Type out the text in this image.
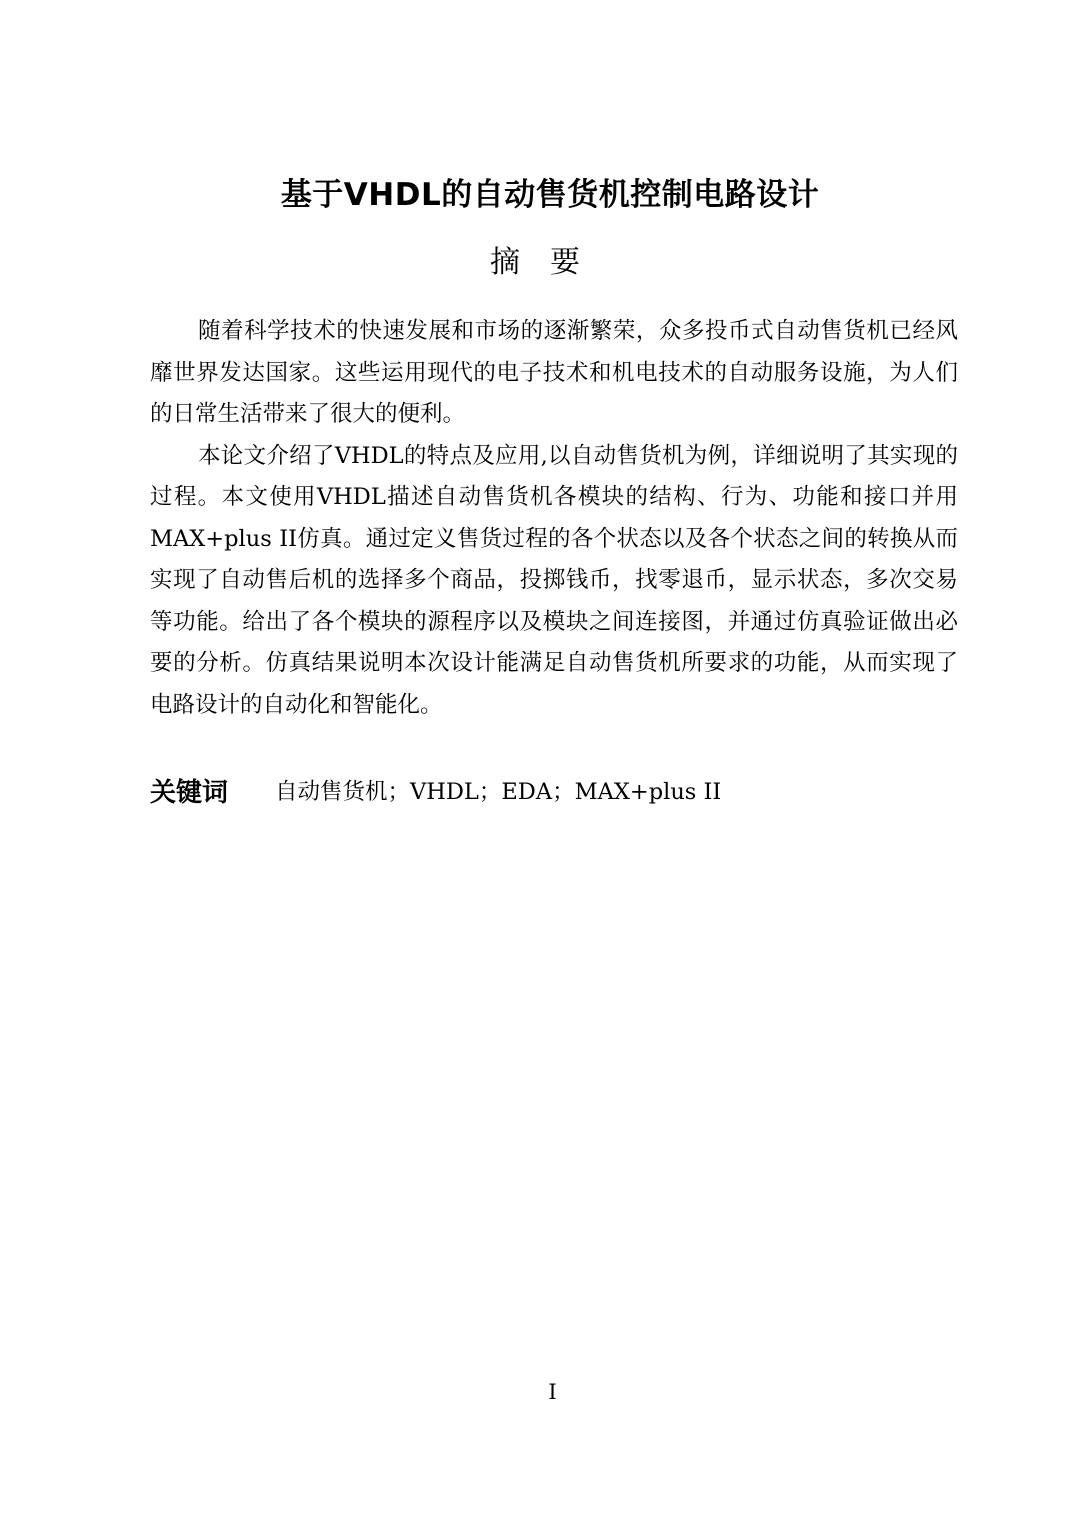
基于VHDL的自动售货机控制电路设计
摘要

随着科学技术的快速发展和市场的逐渐繁荣，众多投币式自动售货机已经风靡世界发达国家。这些运用现代的电子技术和机电技术的自动服务设施，为人们的日常生活带来了很大的便利。

本论文介绍了VHDL的特点及应用,以自动售货机为例，详细说明了其实现的过程。本文使用VHDL描述自动售货机各模块的结构、行为、功能和接口并用MAX+plus II仿真。通过定义售货过程的各个状态以及各个状态之间的转换从而实现了自动售后机的选择多个商品，投掷钱币，找零退币，显示状态，多次交易等功能。给出了各个模块的源程序以及模块之间连接图，并通过仿真验证做出必要的分析。仿真结果说明本次设计能满足自动售货机所要求的功能，从而实现了电路设计的自动化和智能化。

关键词	自动售货机；VHDL；EDA；MAX+plus II
I
